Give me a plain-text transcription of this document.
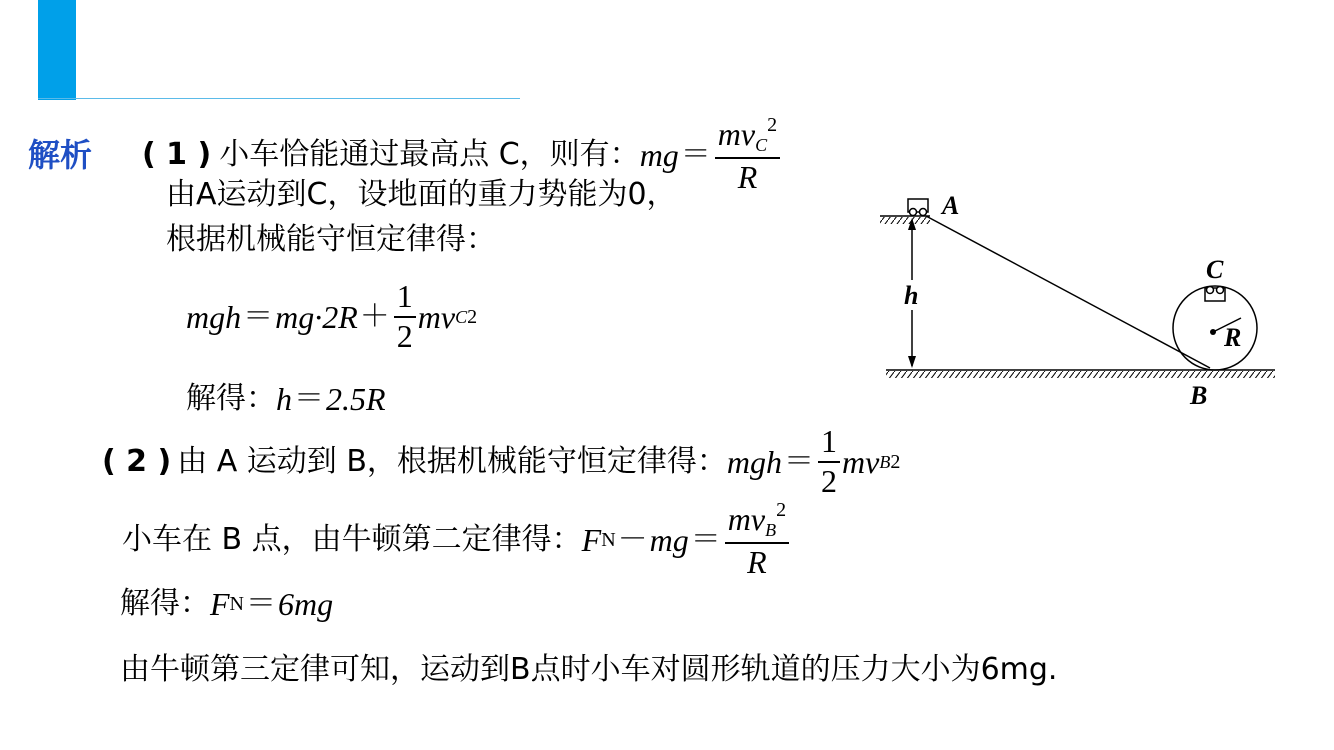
解析 ( 1 ) 小车恰能通过最高点 C，则有： mg ＝ $\frac{mv_C^2}{R}$
由A运动到C，设地面的重力势能为0，
根据机械能守恒定律得：
mgh ＝ $mg\cdot 2R + \frac{1}{2}$ mv C 2
解得： h ＝ 2.5R
( 2 ) 由 A 运动到 B，根据机械能守恒定律得： mgh ＝ $\frac{1}{2}$ mv B 2
小车在 B 点，由牛顿第二定律得： F N － mg ＝ $\frac{mv_B^2}{R}$
解得： F N ＝ 6mg
由牛顿第三定律可知，运动到B点时小车对圆形轨道的压力大小为6mg.
h
A
C
R
B
